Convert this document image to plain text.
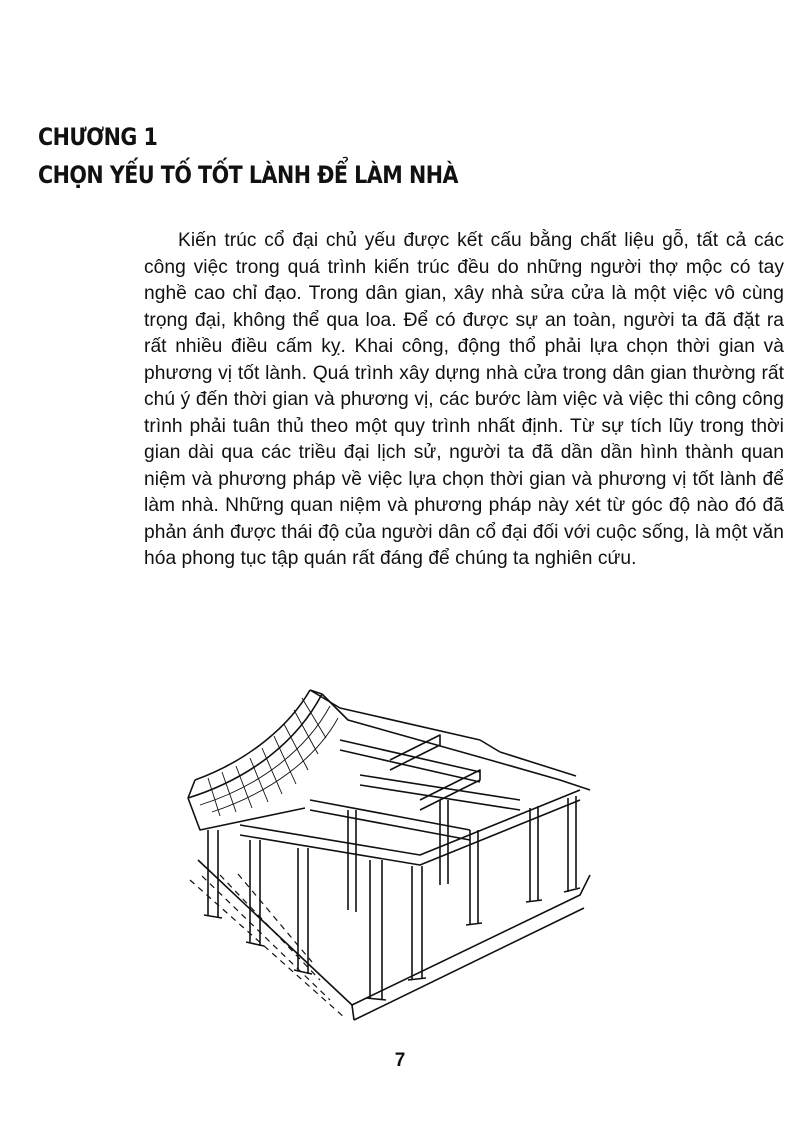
CHƯƠNG 1
CHỌN YẾU TỐ TỐT LÀNH ĐỂ LÀM NHÀ

Kiến trúc cổ đại chủ yếu được kết cấu bằng chất liệu gỗ, tất cả các công việc trong quá trình kiến trúc đều do những người thợ mộc có tay nghề cao chỉ đạo. Trong dân gian, xây nhà sửa cửa là một việc vô cùng trọng đại, không thể qua loa. Để có được sự an toàn, người ta đã đặt ra rất nhiều điều cấm kỵ. Khai công, động thổ phải lựa chọn thời gian và phương vị tốt lành. Quá trình xây dựng nhà cửa trong dân gian thường rất chú ý đến thời gian và phương vị, các bước làm việc và việc thi công công trình phải tuân thủ theo một quy trình nhất định. Từ sự tích lũy trong thời gian dài qua các triều đại lịch sử, người ta đã dần dần hình thành quan niệm và phương pháp về việc lựa chọn thời gian và phương vị tốt lành để làm nhà. Những quan niệm và phương pháp này xét từ góc độ nào đó đã phản ánh được thái độ của người dân cổ đại đối với cuộc sống, là một văn hóa phong tục tập quán rất đáng để chúng ta nghiên cứu.

7
